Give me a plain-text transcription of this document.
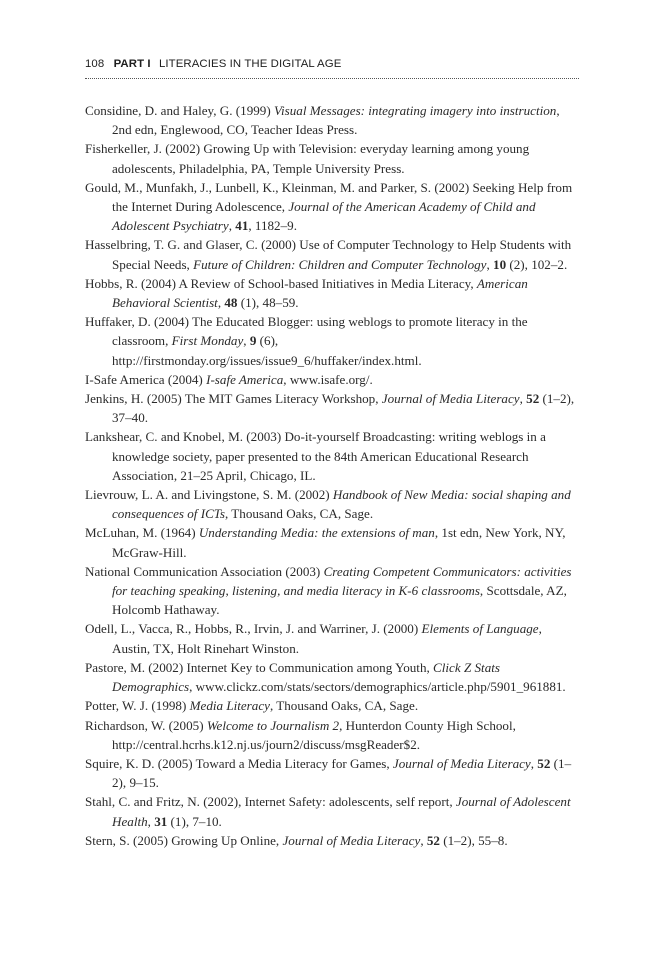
108 PART I LITERACIES IN THE DIGITAL AGE

Considine, D. and Haley, G. (1999) Visual Messages: integrating imagery into instruction, 2nd edn, Englewood, CO, Teacher Ideas Press.

Fisherkeller, J. (2002) Growing Up with Television: everyday learning among young adolescents, Philadelphia, PA, Temple University Press.

Gould, M., Munfakh, J., Lunbell, K., Kleinman, M. and Parker, S. (2002) Seeking Help from the Internet During Adolescence, Journal of the American Academy of Child and Adolescent Psychiatry, 41, 1182–9.

Hasselbring, T. G. and Glaser, C. (2000) Use of Computer Technology to Help Students with Special Needs, Future of Children: Children and Computer Technology, 10 (2), 102–2.

Hobbs, R. (2004) A Review of School-based Initiatives in Media Literacy, American Behavioral Scientist, 48 (1), 48–59.

Huffaker, D. (2004) The Educated Blogger: using weblogs to promote literacy in the classroom, First Monday, 9 (6), http://firstmonday.org/issues/issue9_6/huffaker/index.html.

I-Safe America (2004) I-safe America, www.isafe.org/.

Jenkins, H. (2005) The MIT Games Literacy Workshop, Journal of Media Literacy, 52 (1–2), 37–40.

Lankshear, C. and Knobel, M. (2003) Do-it-yourself Broadcasting: writing weblogs in a knowledge society, paper presented to the 84th American Educational Research Association, 21–25 April, Chicago, IL.

Lievrouw, L. A. and Livingstone, S. M. (2002) Handbook of New Media: social shaping and consequences of ICTs, Thousand Oaks, CA, Sage.

McLuhan, M. (1964) Understanding Media: the extensions of man, 1st edn, New York, NY, McGraw-Hill.

National Communication Association (2003) Creating Competent Communicators: activities for teaching speaking, listening, and media literacy in K-6 classrooms, Scottsdale, AZ, Holcomb Hathaway.

Odell, L., Vacca, R., Hobbs, R., Irvin, J. and Warriner, J. (2000) Elements of Language, Austin, TX, Holt Rinehart Winston.

Pastore, M. (2002) Internet Key to Communication among Youth, Click Z Stats Demographics, www.clickz.com/stats/sectors/demographics/article.php/5901_961881.

Potter, W. J. (1998) Media Literacy, Thousand Oaks, CA, Sage.

Richardson, W. (2005) Welcome to Journalism 2, Hunterdon County High School, http://central.hcrhs.k12.nj.us/journ2/discuss/msgReader$2.

Squire, K. D. (2005) Toward a Media Literacy for Games, Journal of Media Literacy, 52 (1–2), 9–15.

Stahl, C. and Fritz, N. (2002), Internet Safety: adolescents, self report, Journal of Adolescent Health, 31 (1), 7–10.

Stern, S. (2005) Growing Up Online, Journal of Media Literacy, 52 (1–2), 55–8.
